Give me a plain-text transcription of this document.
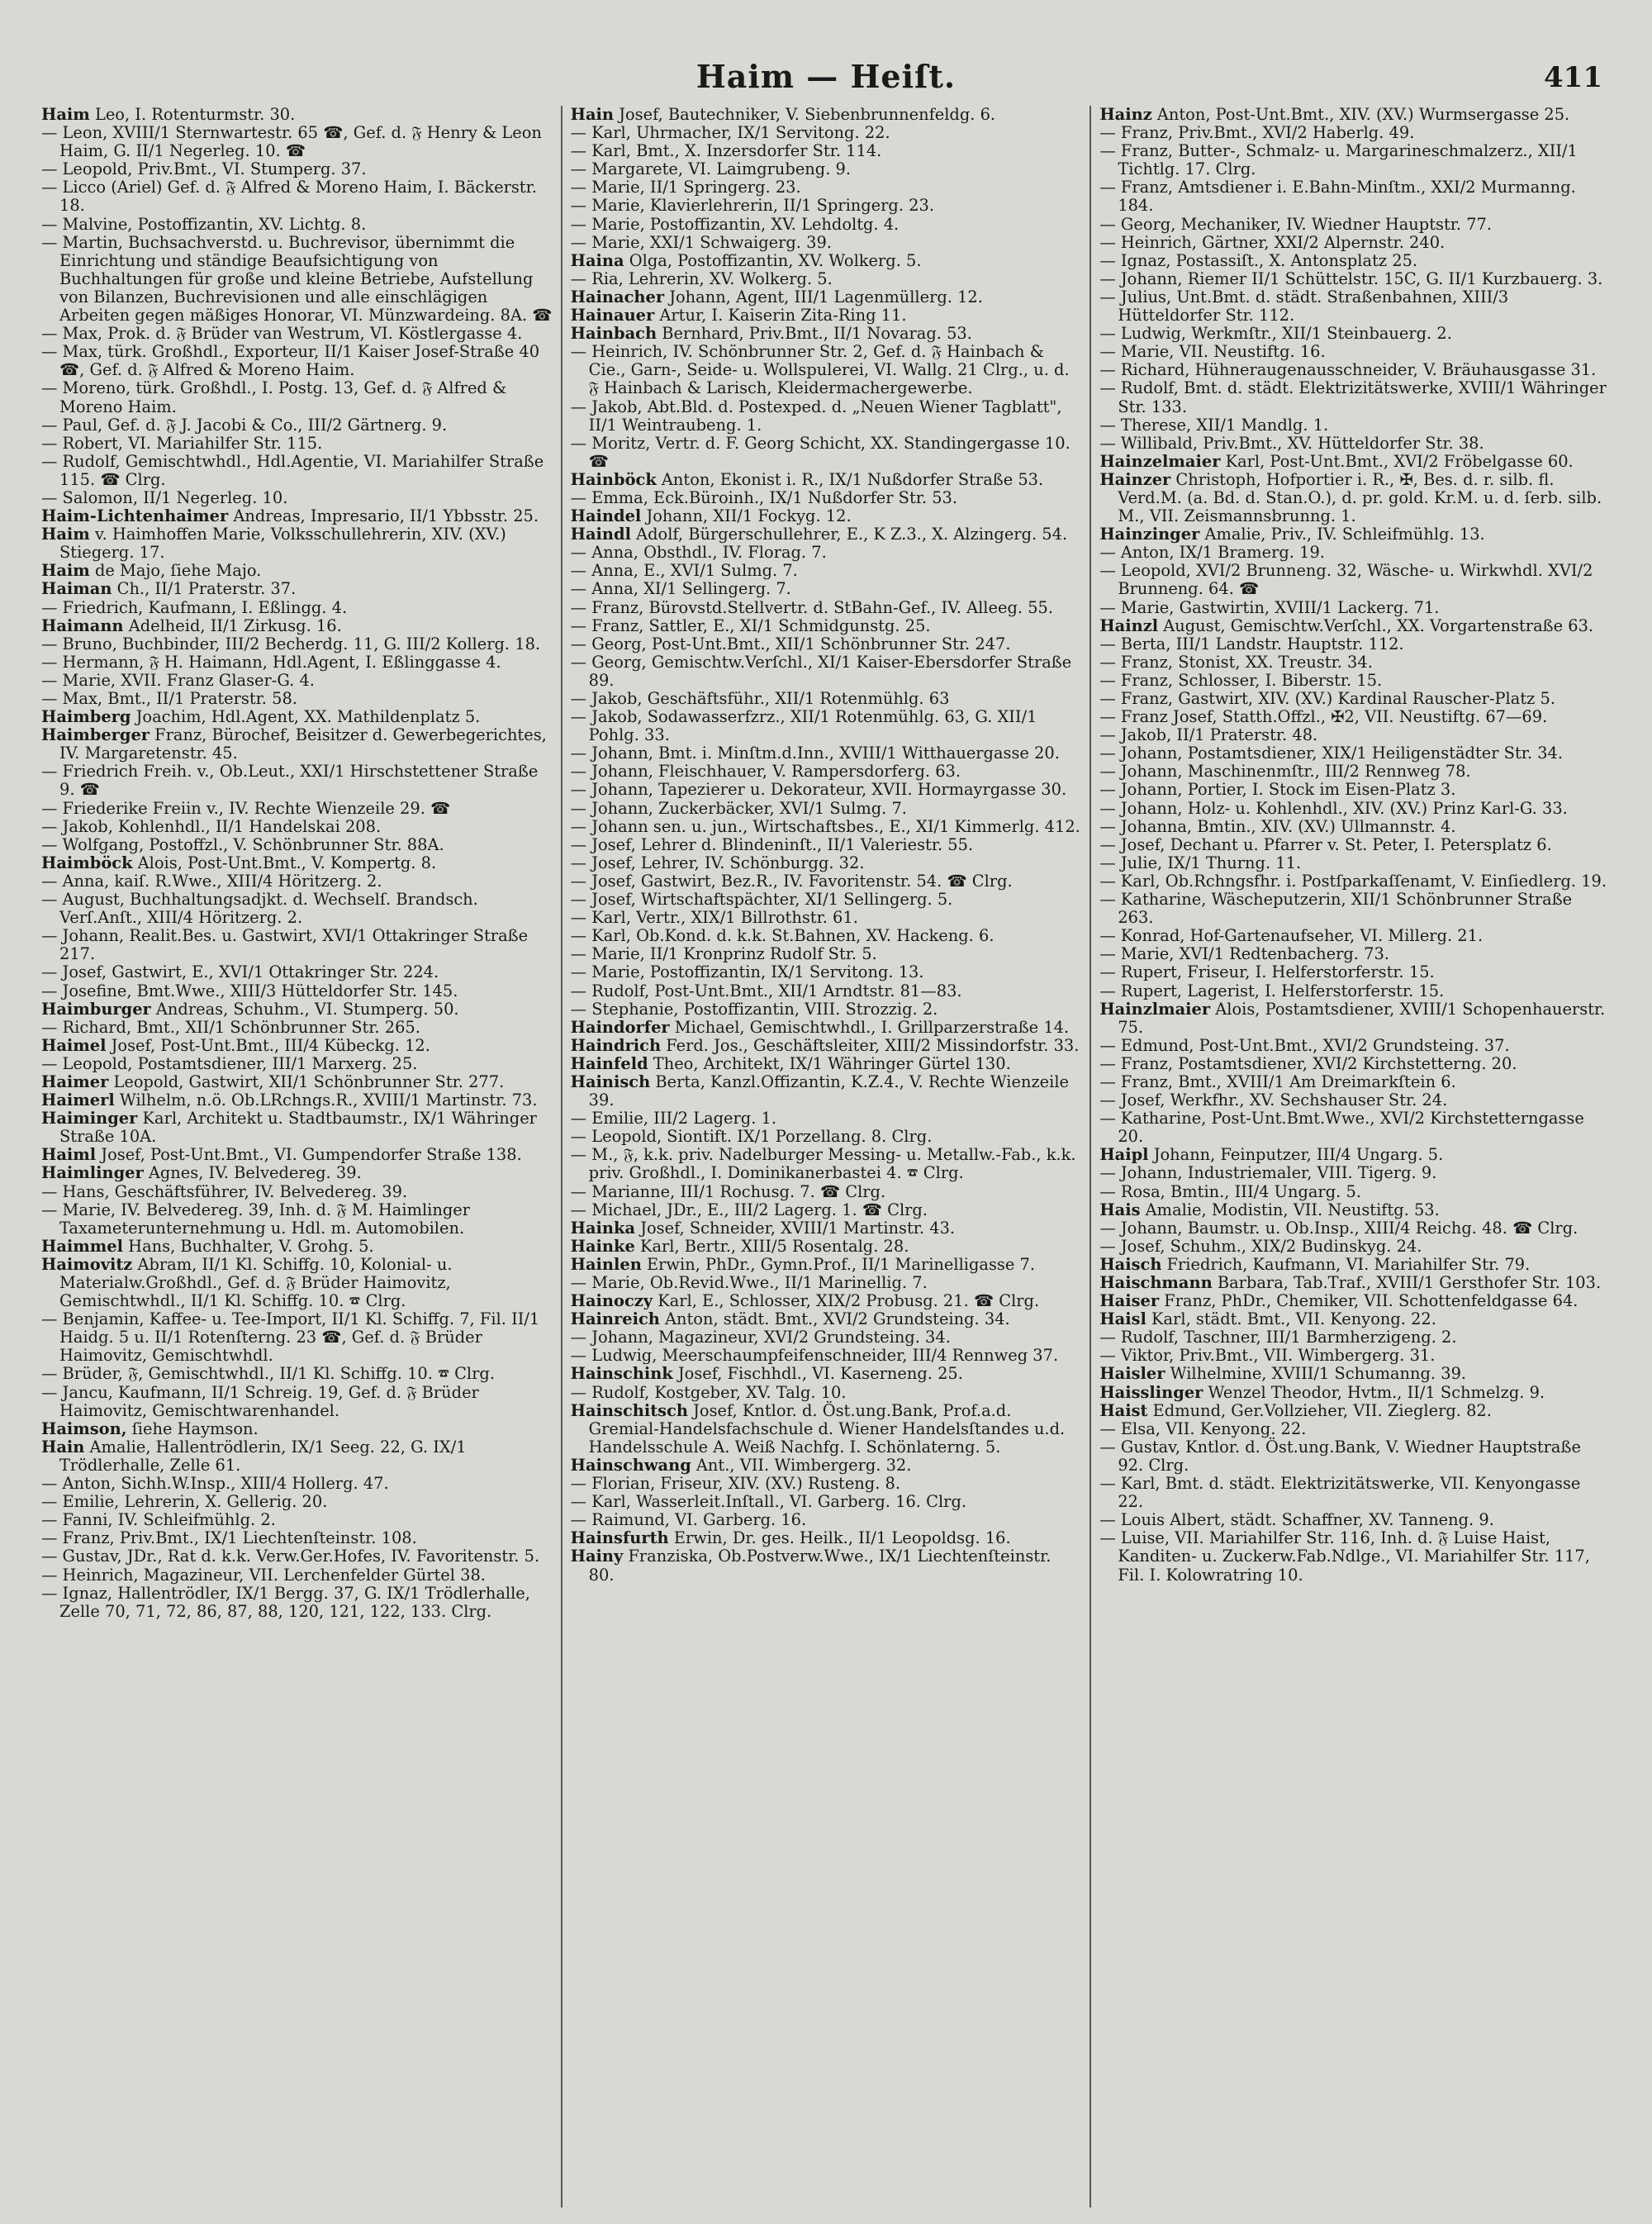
Haim — Heiſt.	411
Haim Leo, I. Rotenturmstr. 30.
— Leon, XVIII/1 Sternwartestr. 65 ☎, Gef. d. 𝔉 Henry & Leon Haim, G. II/1 Negerleg. 10. ☎
— Leopold, Priv.Bmt., VI. Stumperg. 37.
— Licco (Ariel) Gef. d. 𝔉 Alfred & Moreno Haim, I. Bäckerstr. 18.
— Malvine, Postoffizantin, XV. Lichtg. 8.
— Martin, Buchsachverstd. u. Buchrevisor, übernimmt die Einrichtung und ständige Beaufsichtigung von Buchhaltungen für große und kleine Betriebe, Aufstellung von Bilanzen, Buchrevisionen und alle einschlägigen Arbeiten gegen mäßiges Honorar, VI. Münzwardeing. 8A. ☎
— Max, Prok. d. 𝔉 Brüder van Westrum, VI. Köstlergasse 4.
— Max, türk. Großhdl., Exporteur, II/1 Kaiser Josef-Straße 40 ☎, Gef. d. 𝔉 Alfred & Moreno Haim.
— Moreno, türk. Großhdl., I. Postg. 13, Gef. d. 𝔉 Alfred & Moreno Haim.
— Paul, Gef. d. 𝔉 J. Jacobi & Co., III/2 Gärtnerg. 9.
— Robert, VI. Mariahilfer Str. 115.
— Rudolf, Gemischtwhdl., Hdl.Agentie, VI. Mariahilfer Straße 115. ☎ Clrg.
— Salomon, II/1 Negerleg. 10.
Haim-Lichtenhaimer Andreas, Impresario, II/1 Ybbsstr. 25.
Haim v. Haimhoffen Marie, Volksschullehrerin, XIV. (XV.) Stiegerg. 17.
Haim de Majo, ſiehe Majo.
Haiman Ch., II/1 Praterstr. 37.
— Friedrich, Kaufmann, I. Eßlingg. 4.
Haimann Adelheid, II/1 Zirkusg. 16.
— Bruno, Buchbinder, III/2 Becherdg. 11, G. III/2 Kollerg. 18.
— Hermann, 𝔉 H. Haimann, Hdl.Agent, I. Eßlinggasse 4.
— Marie, XVII. Franz Glaser-G. 4.
— Max, Bmt., II/1 Praterstr. 58.
Haimberg Joachim, Hdl.Agent, XX. Mathildenplatz 5.
Haimberger Franz, Bürochef, Beisitzer d. Gewerbegerichtes, IV. Margaretenstr. 45.
— Friedrich Freih. v., Ob.Leut., XXI/1 Hirschstettener Straße 9. ☎
— Friederike Freiin v., IV. Rechte Wienzeile 29. ☎
— Jakob, Kohlenhdl., II/1 Handelskai 208.
— Wolfgang, Postoffzl., V. Schönbrunner Str. 88A.
Haimböck Alois, Post-Unt.Bmt., V. Kompertg. 8.
— Anna, kaiſ. R.Wwe., XIII/4 Höritzerg. 2.
— August, Buchhaltungsadjkt. d. Wechselſ. Brandsch. Verſ.Anſt., XIII/4 Höritzerg. 2.
— Johann, Realit.Bes. u. Gastwirt, XVI/1 Ottakringer Straße 217.
— Josef, Gastwirt, E., XVI/1 Ottakringer Str. 224.
— Josefine, Bmt.Wwe., XIII/3 Hütteldorfer Str. 145.
Haimburger Andreas, Schuhm., VI. Stumperg. 50.
— Richard, Bmt., XII/1 Schönbrunner Str. 265.
Haimel Josef, Post-Unt.Bmt., III/4 Kübeckg. 12.
— Leopold, Postamtsdiener, III/1 Marxerg. 25.
Haimer Leopold, Gastwirt, XII/1 Schönbrunner Str. 277.
Haimerl Wilhelm, n.ö. Ob.LRchngs.R., XVIII/1 Martinstr. 73.
Haiminger Karl, Architekt u. Stadtbaumstr., IX/1 Währinger Straße 10A.
Haiml Josef, Post-Unt.Bmt., VI. Gumpendorfer Straße 138.
Haimlinger Agnes, IV. Belvedereg. 39.
— Hans, Geschäftsführer, IV. Belvedereg. 39.
— Marie, IV. Belvedereg. 39, Inh. d. 𝔉 M. Haimlinger Taxameterunternehmung u. Hdl. m. Automobilen.
Haimmel Hans, Buchhalter, V. Grohg. 5.
Haimovitz Abram, II/1 Kl. Schiffg. 10, Kolonial- u. Materialw.Großhdl., Gef. d. 𝔉 Brüder Haimovitz, Gemischtwhdl., II/1 Kl. Schiffg. 10. ☎ Clrg.
— Benjamin, Kaffee- u. Tee-Import, II/1 Kl. Schiffg. 7, Fil. II/1 Haidg. 5 u. II/1 Rotenſterng. 23 ☎, Gef. d. 𝔉 Brüder Haimovitz, Gemischtwhdl.
— Brüder, 𝔉, Gemischtwhdl., II/1 Kl. Schiffg. 10. ☎ Clrg.
— Jancu, Kaufmann, II/1 Schreig. 19, Gef. d. 𝔉 Brüder Haimovitz, Gemischtwarenhandel.
Haimson, ſiehe Haymson.
Hain Amalie, Hallentrödlerin, IX/1 Seeg. 22, G. IX/1 Trödlerhalle, Zelle 61.
— Anton, Sichh.W.Insp., XIII/4 Hollerg. 47.
— Emilie, Lehrerin, X. Gellerig. 20.
— Fanni, IV. Schleifmühlg. 2.
— Franz, Priv.Bmt., IX/1 Liechtenſteinstr. 108.
— Gustav, JDr., Rat d. k.k. Verw.Ger.Hofes, IV. Favoritenstr. 5.
— Heinrich, Magazineur, VII. Lerchenfelder Gürtel 38.
— Ignaz, Hallentrödler, IX/1 Bergg. 37, G. IX/1 Trödlerhalle, Zelle 70, 71, 72, 86, 87, 88, 120, 121, 122, 133. Clrg.
Hain Josef, Bautechniker, V. Siebenbrunnenfeldg. 6.
— Karl, Uhrmacher, IX/1 Servitong. 22.
— Karl, Bmt., X. Inzersdorfer Str. 114.
— Margarete, VI. Laimgrubeng. 9.
— Marie, II/1 Springerg. 23.
— Marie, Klavierlehrerin, II/1 Springerg. 23.
— Marie, Postoffizantin, XV. Lehdoltg. 4.
— Marie, XXI/1 Schwaigerg. 39.
Haina Olga, Postoffizantin, XV. Wolkerg. 5.
— Ria, Lehrerin, XV. Wolkerg. 5.
Hainacher Johann, Agent, III/1 Lagenmüllerg. 12.
Hainauer Artur, I. Kaiserin Zita-Ring 11.
Hainbach Bernhard, Priv.Bmt., II/1 Novarag. 53.
— Heinrich, IV. Schönbrunner Str. 2, Gef. d. 𝔉 Hainbach & Cie., Garn-, Seide- u. Wollspulerei, VI. Wallg. 21 Clrg., u. d. 𝔉 Hainbach & Larisch, Kleidermachergewerbe.
— Jakob, Abt.Bld. d. Postexped. d. „Neuen Wiener Tagblatt", II/1 Weintraubeng. 1.
— Moritz, Vertr. d. F. Georg Schicht, XX. Standingergasse 10. ☎
Hainböck Anton, Ekonist i. R., IX/1 Nußdorfer Straße 53.
— Emma, Eck.Büroinh., IX/1 Nußdorfer Str. 53.
Haindel Johann, XII/1 Fockyg. 12.
Haindl Adolf, Bürgerschullehrer, E., K Z.3., X. Alzingerg. 54.
— Anna, Obsthdl., IV. Florag. 7.
— Anna, E., XVI/1 Sulmg. 7.
— Anna, XI/1 Sellingerg. 7.
— Franz, Bürovstd.Stellvertr. d. StBahn-Gef., IV. Alleeg. 55.
— Franz, Sattler, E., XI/1 Schmidgunstg. 25.
— Georg, Post-Unt.Bmt., XII/1 Schönbrunner Str. 247.
— Georg, Gemischtw.Verſchl., XI/1 Kaiser-Ebersdorfer Straße 89.
— Jakob, Geschäftsführ., XII/1 Rotenmühlg. 63
— Jakob, Sodawasserfzrz., XII/1 Rotenmühlg. 63, G. XII/1 Pohlg. 33.
— Johann, Bmt. i. Minſtm.d.Inn., XVIII/1 Witthauergasse 20.
— Johann, Fleischhauer, V. Rampersdorferg. 63.
— Johann, Tapezierer u. Dekorateur, XVII. Hormayrgasse 30.
— Johann, Zuckerbäcker, XVI/1 Sulmg. 7.
— Johann sen. u. jun., Wirtschaftsbes., E., XI/1 Kimmerlg. 412.
— Josef, Lehrer d. Blindeninſt., II/1 Valeriestr. 55.
— Josef, Lehrer, IV. Schönburgg. 32.
— Josef, Gastwirt, Bez.R., IV. Favoritenstr. 54. ☎ Clrg.
— Josef, Wirtschaftspächter, XI/1 Sellingerg. 5.
— Karl, Vertr., XIX/1 Billrothstr. 61.
— Karl, Ob.Kond. d. k.k. St.Bahnen, XV. Hackeng. 6.
— Marie, II/1 Kronprinz Rudolf Str. 5.
— Marie, Postoffizantin, IX/1 Servitong. 13.
— Rudolf, Post-Unt.Bmt., XII/1 Arndtstr. 81—83.
— Stephanie, Postoffizantin, VIII. Strozzig. 2.
Haindorfer Michael, Gemischtwhdl., I. Grillparzerstraße 14.
Haindrich Ferd. Jos., Geschäftsleiter, XIII/2 Missindorfstr. 33.
Hainfeld Theo, Architekt, IX/1 Währinger Gürtel 130.
Hainisch Berta, Kanzl.Offizantin, K.Z.4., V. Rechte Wienzeile 39.
— Emilie, III/2 Lagerg. 1.
— Leopold, Siontift. IX/1 Porzellang. 8. Clrg.
— M., 𝔉, k.k. priv. Nadelburger Messing- u. Metallw.-Fab., k.k. priv. Großhdl., I. Dominikanerbastei 4. ☎ Clrg.
— Marianne, III/1 Rochusg. 7. ☎ Clrg.
— Michael, JDr., E., III/2 Lagerg. 1. ☎ Clrg.
Hainka Josef, Schneider, XVIII/1 Martinstr. 43.
Hainke Karl, Bertr., XIII/5 Rosentalg. 28.
Hainlen Erwin, PhDr., Gymn.Prof., II/1 Marinelligasse 7.
— Marie, Ob.Revid.Wwe., II/1 Marinellig. 7.
Hainoczy Karl, E., Schlosser, XIX/2 Probusg. 21. ☎ Clrg.
Hainreich Anton, städt. Bmt., XVI/2 Grundsteing. 34.
— Johann, Magazineur, XVI/2 Grundsteing. 34.
— Ludwig, Meerschaumpfeifenschneider, III/4 Rennweg 37.
Hainschink Josef, Fischhdl., VI. Kaserneng. 25.
— Rudolf, Kostgeber, XV. Talg. 10.
Hainschitsch Josef, Kntlor. d. Öst.ung.Bank, Prof.a.d. Gremial-Handelsfachschule d. Wiener Handelsſtandes u.d. Handelsschule A. Weiß Nachfg. I. Schönlaterng. 5.
Hainschwang Ant., VII. Wimbergerg. 32.
— Florian, Friseur, XIV. (XV.) Rusteng. 8.
— Karl, Wasserleit.Inſtall., VI. Garberg. 16. Clrg.
— Raimund, VI. Garberg. 16.
Hainsfurth Erwin, Dr. ges. Heilk., II/1 Leopoldsg. 16.
Hainy Franziska, Ob.Postverw.Wwe., IX/1 Liechtenſteinstr. 80.
Hainz Anton, Post-Unt.Bmt., XIV. (XV.) Wurmsergasse 25.
— Franz, Priv.Bmt., XVI/2 Haberlg. 49.
— Franz, Butter-, Schmalz- u. Margarineschmalzerz., XII/1 Tichtlg. 17. Clrg.
— Franz, Amtsdiener i. E.Bahn-Minſtm., XXI/2 Murmanng. 184.
— Georg, Mechaniker, IV. Wiedner Hauptstr. 77.
— Heinrich, Gärtner, XXI/2 Alpernstr. 240.
— Ignaz, Postassiſt., X. Antonsplatz 25.
— Johann, Riemer II/1 Schüttelstr. 15C, G. II/1 Kurzbauerg. 3.
— Julius, Unt.Bmt. d. städt. Straßenbahnen, XIII/3 Hütteldorfer Str. 112.
— Ludwig, Werkmſtr., XII/1 Steinbauerg. 2.
— Marie, VII. Neustiftg. 16.
— Richard, Hühneraugenausschneider, V. Bräuhausgasse 31.
— Rudolf, Bmt. d. städt. Elektrizitätswerke, XVIII/1 Währinger Str. 133.
— Therese, XII/1 Mandlg. 1.
— Willibald, Priv.Bmt., XV. Hütteldorfer Str. 38.
Hainzelmaier Karl, Post-Unt.Bmt., XVI/2 Fröbelgasse 60.
Hainzer Christoph, Hofportier i. R., ✠, Bes. d. r. silb. fl. Verd.M. (a. Bd. d. Stan.O.), d. pr. gold. Kr.M. u. d. ſerb. silb. M., VII. Zeismannsbrunng. 1.
Hainzinger Amalie, Priv., IV. Schleifmühlg. 13.
— Anton, IX/1 Bramerg. 19.
— Leopold, XVI/2 Brunneng. 32, Wäsche- u. Wirkwhdl. XVI/2 Brunneng. 64. ☎
— Marie, Gastwirtin, XVIII/1 Lackerg. 71.
Hainzl August, Gemischtw.Verſchl., XX. Vorgartenstraße 63.
— Berta, III/1 Landstr. Hauptstr. 112.
— Franz, Stonist, XX. Treustr. 34.
— Franz, Schlosser, I. Biberstr. 15.
— Franz, Gastwirt, XIV. (XV.) Kardinal Rauscher-Platz 5.
— Franz Josef, Statth.Offzl., ✠2, VII. Neustiftg. 67—69.
— Jakob, II/1 Praterstr. 48.
— Johann, Postamtsdiener, XIX/1 Heiligenstädter Str. 34.
— Johann, Maschinenmſtr., III/2 Rennweg 78.
— Johann, Portier, I. Stock im Eisen-Platz 3.
— Johann, Holz- u. Kohlenhdl., XIV. (XV.) Prinz Karl-G. 33.
— Johanna, Bmtin., XIV. (XV.) Ullmannstr. 4.
— Josef, Dechant u. Pfarrer v. St. Peter, I. Petersplatz 6.
— Julie, IX/1 Thurng. 11.
— Karl, Ob.Rchngsfhr. i. Postſparkaſſenamt, V. Einſiedlerg. 19.
— Katharine, Wäscheputzerin, XII/1 Schönbrunner Straße 263.
— Konrad, Hof-Gartenaufseher, VI. Millerg. 21.
— Marie, XVI/1 Redtenbacherg. 73.
— Rupert, Friseur, I. Helferstorferstr. 15.
— Rupert, Lagerist, I. Helferstorferstr. 15.
Hainzlmaier Alois, Postamtsdiener, XVIII/1 Schopenhauerstr. 75.
— Edmund, Post-Unt.Bmt., XVI/2 Grundsteing. 37.
— Franz, Postamtsdiener, XVI/2 Kirchstetterng. 20.
— Franz, Bmt., XVIII/1 Am Dreimarkſtein 6.
— Josef, Werkfhr., XV. Sechshauser Str. 24.
— Katharine, Post-Unt.Bmt.Wwe., XVI/2 Kirchstetterngasse 20.
Haipl Johann, Feinputzer, III/4 Ungarg. 5.
— Johann, Industriemaler, VIII. Tigerg. 9.
— Rosa, Bmtin., III/4 Ungarg. 5.
Hais Amalie, Modistin, VII. Neustiftg. 53.
— Johann, Baumstr. u. Ob.Insp., XIII/4 Reichg. 48. ☎ Clrg.
— Josef, Schuhm., XIX/2 Budinskyg. 24.
Haisch Friedrich, Kaufmann, VI. Mariahilfer Str. 79.
Haischmann Barbara, Tab.Traf., XVIII/1 Gersthofer Str. 103.
Haiser Franz, PhDr., Chemiker, VII. Schottenfeldgasse 64.
Haisl Karl, städt. Bmt., VII. Kenyong. 22.
— Rudolf, Taschner, III/1 Barmherzigeng. 2.
— Viktor, Priv.Bmt., VII. Wimbergerg. 31.
Haisler Wilhelmine, XVIII/1 Schumanng. 39.
Haisslinger Wenzel Theodor, Hvtm., II/1 Schmelzg. 9.
Haist Edmund, Ger.Vollzieher, VII. Zieglerg. 82.
— Elsa, VII. Kenyong. 22.
— Gustav, Kntlor. d. Öst.ung.Bank, V. Wiedner Hauptstraße 92. Clrg.
— Karl, Bmt. d. städt. Elektrizitätswerke, VII. Kenyongasse 22.
— Louis Albert, städt. Schaffner, XV. Tanneng. 9.
— Luise, VII. Mariahilfer Str. 116, Inh. d. 𝔉 Luise Haist, Kanditen- u. Zuckerw.Fab.Ndlge., VI. Mariahilfer Str. 117, Fil. I. Kolowratring 10.
